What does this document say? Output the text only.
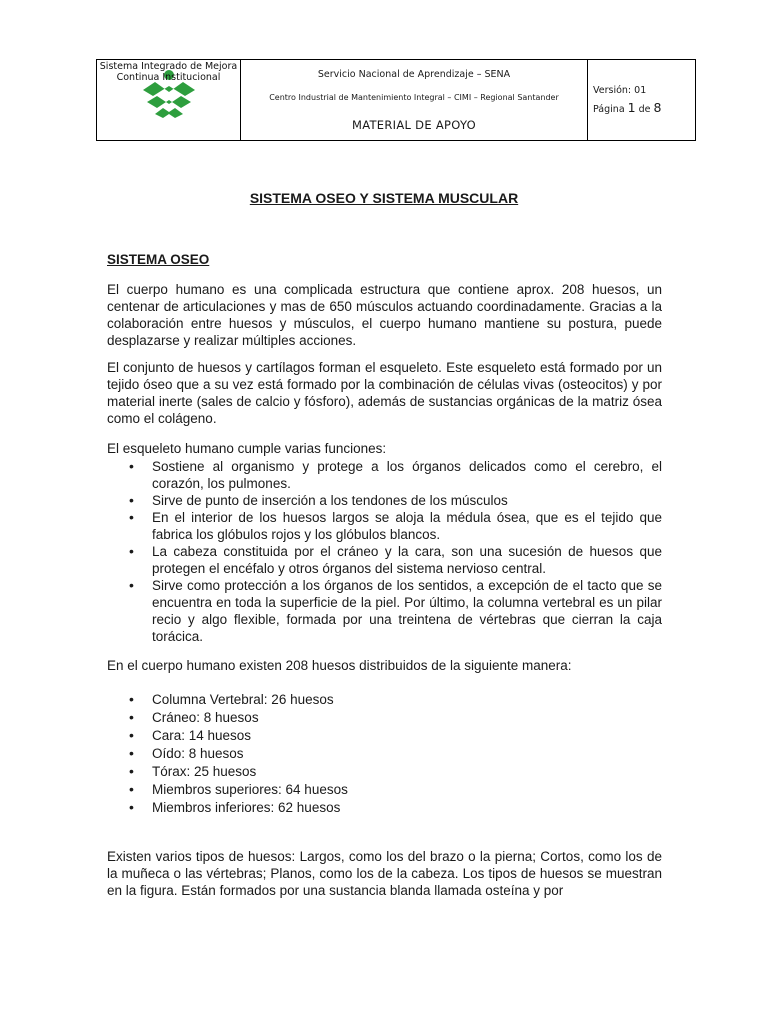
Sistema Integrado de Mejora Continua Institucional	Servicio Nacional de Aprendizaje – SENA
Centro Industrial de Mantenimiento Integral – CIMI – Regional Santander
MATERIAL DE APOYO
Versión: 01
Página 1 de 8
SISTEMA OSEO Y SISTEMA MUSCULAR
SISTEMA OSEO

El cuerpo humano es una complicada estructura que contiene aprox. 208 huesos, un centenar de articulaciones y mas de 650 músculos actuando coordinadamente. Gracias a la colaboración entre huesos y músculos, el cuerpo humano mantiene su postura, puede desplazarse y realizar múltiples acciones.

El conjunto de huesos y cartílagos forman el esqueleto. Este esqueleto está formado por un tejido óseo que a su vez está formado por la combinación de células vivas (osteocitos) y por material inerte (sales de calcio y fósforo), además de sustancias orgánicas de la matriz ósea como el colágeno.

El esqueleto humano cumple varias funciones:

• Sostiene al organismo y protege a los órganos delicados como el cerebro, el corazón, los pulmones.
• Sirve de punto de inserción a los tendones de los músculos
• En el interior de los huesos largos se aloja la médula ósea, que es el tejido que fabrica los glóbulos rojos y los glóbulos blancos.
• La cabeza constituida por el cráneo y la cara, son una sucesión de huesos que protegen el encéfalo y otros órganos del sistema nervioso central.
• Sirve como protección a los órganos de los sentidos, a excepción de el tacto que se encuentra en toda la superficie de la piel. Por último, la columna vertebral es un pilar recio y algo flexible, formada por una treintena de vértebras que cierran la caja torácica.

En el cuerpo humano existen 208 huesos distribuidos de la siguiente manera:

• Columna Vertebral: 26 huesos
• Cráneo: 8 huesos
• Cara: 14 huesos
• Oído: 8 huesos
• Tórax: 25 huesos
• Miembros superiores: 64 huesos
• Miembros inferiores: 62 huesos

Existen varios tipos de huesos: Largos, como los del brazo o la pierna; Cortos, como los de la muñeca o las vértebras; Planos, como los de la cabeza. Los tipos de huesos se muestran en la figura. Están formados por una sustancia blanda llamada osteína y por
